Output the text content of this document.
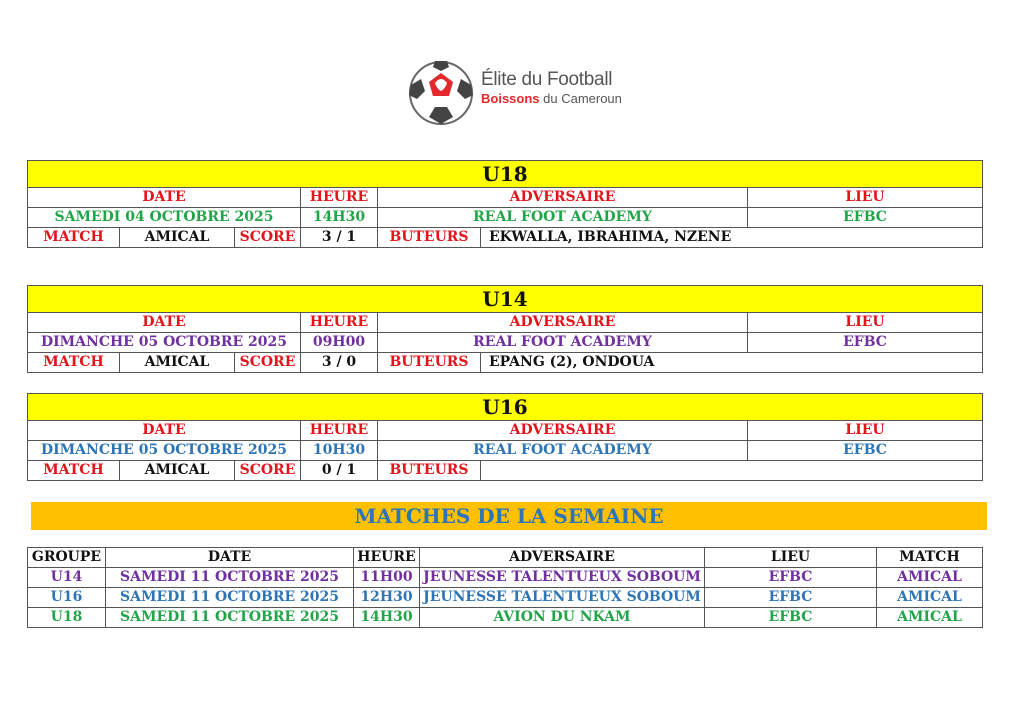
Élite du Football
Boissons du Cameroun
U18						
DATE			HEURE	ADVERSAIRE		LIEU
SAMEDI 04 OCTOBRE 2025			14H30	REAL FOOT ACADEMY		EFBC
MATCH	AMICAL	SCORE	3 / 1	BUTEURS	EKWALLA, IBRAHIMA, NZENE	
U14						
DATE			HEURE	ADVERSAIRE		LIEU
DIMANCHE 05 OCTOBRE 2025			09H00	REAL FOOT ACADEMY		EFBC
MATCH	AMICAL	SCORE	3 / 0	BUTEURS	EPANG (2), ONDOUA	
U16						
DATE			HEURE	ADVERSAIRE		LIEU
DIMANCHE 05 OCTOBRE 2025			10H30	REAL FOOT ACADEMY		EFBC
MATCH	AMICAL	SCORE	0 / 1	BUTEURS		
MATCHES DE LA SEMAINE
GROUPE	DATE	HEURE	ADVERSAIRE	LIEU	MATCH
U14	SAMEDI 11 OCTOBRE 2025	11H00	JEUNESSE TALENTUEUX SOBOUM	EFBC	AMICAL
U16	SAMEDI 11 OCTOBRE 2025	12H30	JEUNESSE TALENTUEUX SOBOUM	EFBC	AMICAL
U18	SAMEDI 11 OCTOBRE 2025	14H30	AVION DU NKAM	EFBC	AMICAL
